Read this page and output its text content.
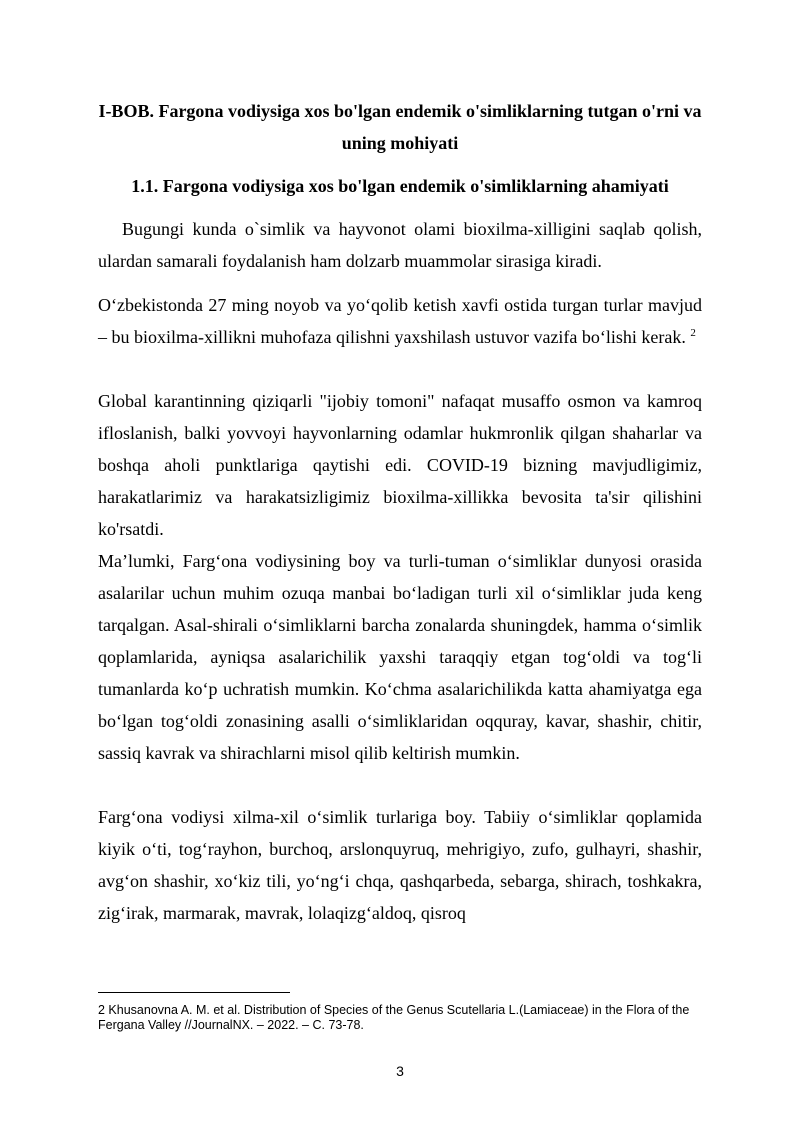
I-BOB. Fargona vodiysiga xos bo'lgan endemik o'simliklarning tutgan o'rni va uning mohiyati
1.1. Fargona vodiysiga xos bo'lgan endemik o'simliklarning ahamiyati

Bugungi kunda o`simlik va hayvonot olami bioxilma-xilligini saqlab qolish, ulardan samarali foydalanish ham dolzarb muammolar sirasiga kiradi.

O‘zbekistonda 27 ming noyob va yo‘qolib ketish xavfi ostida turgan turlar mavjud – bu bioxilma-xillikni muhofaza qilishni yaxshilash ustuvor vazifa bo‘lishi kerak. $^2$

Global karantinning qiziqarli "ijobiy tomoni" nafaqat musaffo osmon va kamroq ifloslanish, balki yovvoyi hayvonlarning odamlar hukmronlik qilgan shaharlar va boshqa aholi punktlariga qaytishi edi. COVID-19 bizning mavjudligimiz, harakatlarimiz va harakatsizligimiz bioxilma-xillikka bevosita ta'sir qilishini ko'rsatdi.

Ma’lumki, Farg‘ona vodiysining boy va turli-tuman o‘simliklar dunyosi orasida asalarilar uchun muhim ozuqa manbai bo‘ladigan turli xil o‘simliklar juda keng tarqalgan. Asal-shirali o‘simliklarni barcha zonalarda shuningdek, hamma o‘simlik qoplamlarida, ayniqsa asalarichilik yaxshi taraqqiy etgan tog‘oldi va tog‘li tumanlarda ko‘p uchratish mumkin. Ko‘chma asalarichilikda katta ahamiyatga ega bo‘lgan tog‘oldi zonasining asalli o‘simliklaridan oqquray, kavar, shashir, chitir, sassiq kavrak va shirachlarni misol qilib keltirish mumkin.

Farg‘ona vodiysi xilma-xil o‘simlik turlariga boy. Tabiiy o‘simliklar qoplamida kiyik o‘ti, tog‘rayhon, burchoq, arslonquyruq, mehrigiyo, zufo, gulhayri, shashir, avg‘on shashir, xo‘kiz tili, yo‘ng‘i chqa, qashqarbeda, sebarga, shirach, toshkakra, zig‘irak, marmarak, mavrak, lolaqizg‘aldoq, qisroq

2 Khusanovna A. M. et al. Distribution of Species of the Genus Scutellaria L.(Lamiaceae) in the Flora of the Fergana Valley //JournalNX. – 2022. – C. 73-78.
3
